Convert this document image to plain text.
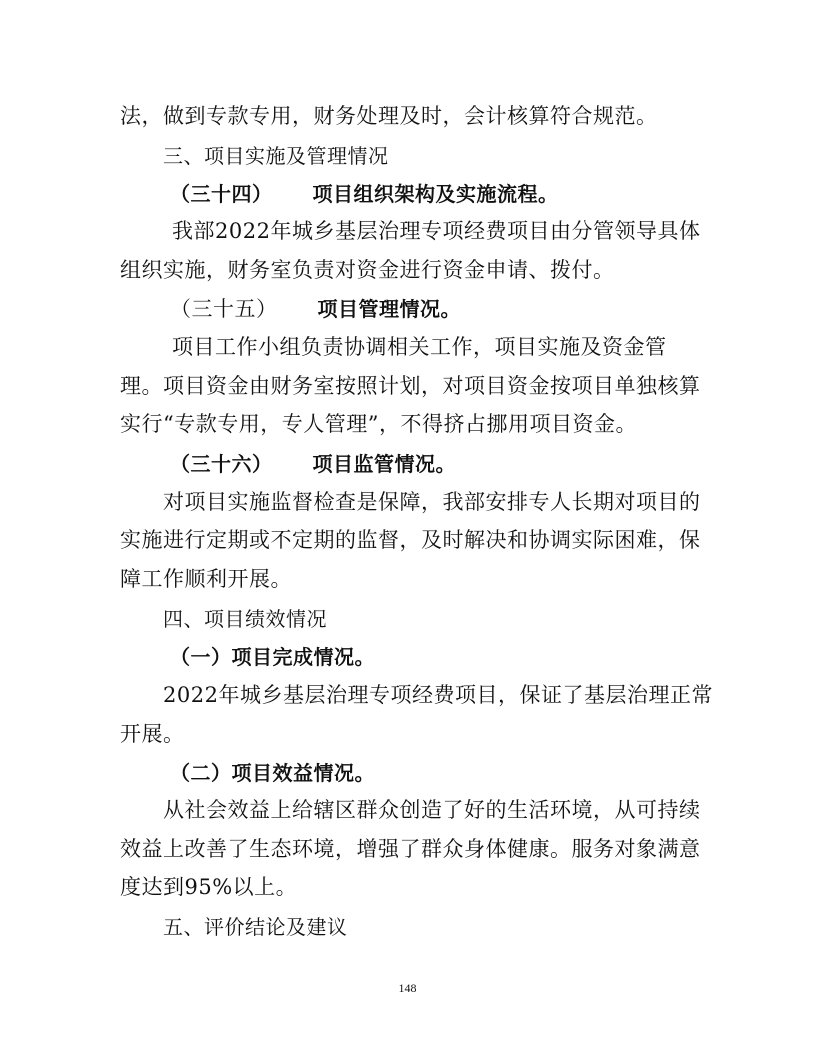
法，做到专款专用，财务处理及时，会计核算符合规范。
三、项目实施及管理情况
（三十四） 项目组织架构及实施流程。
我部2022年城乡基层治理专项经费项目由分管领导具体
组织实施，财务室负责对资金进行资金申请、拨付。
（三十五） 项目管理情况。
项目工作小组负责协调相关工作，项目实施及资金管
理。项目资金由财务室按照计划，对项目资金按项目单独核算
实行“专款专用，专人管理”，不得挤占挪用项目资金。
（三十六） 项目监管情况。
对项目实施监督检查是保障，我部安排专人长期对项目的
实施进行定期或不定期的监督，及时解决和协调实际困难，保
障工作顺利开展。
四、项目绩效情况
（一）项目完成情况。
2022年城乡基层治理专项经费项目，保证了基层治理正常
开展。
（二）项目效益情况。
从社会效益上给辖区群众创造了好的生活环境，从可持续
效益上改善了生态环境，增强了群众身体健康。服务对象满意
度达到95%以上。
五、评价结论及建议
148
